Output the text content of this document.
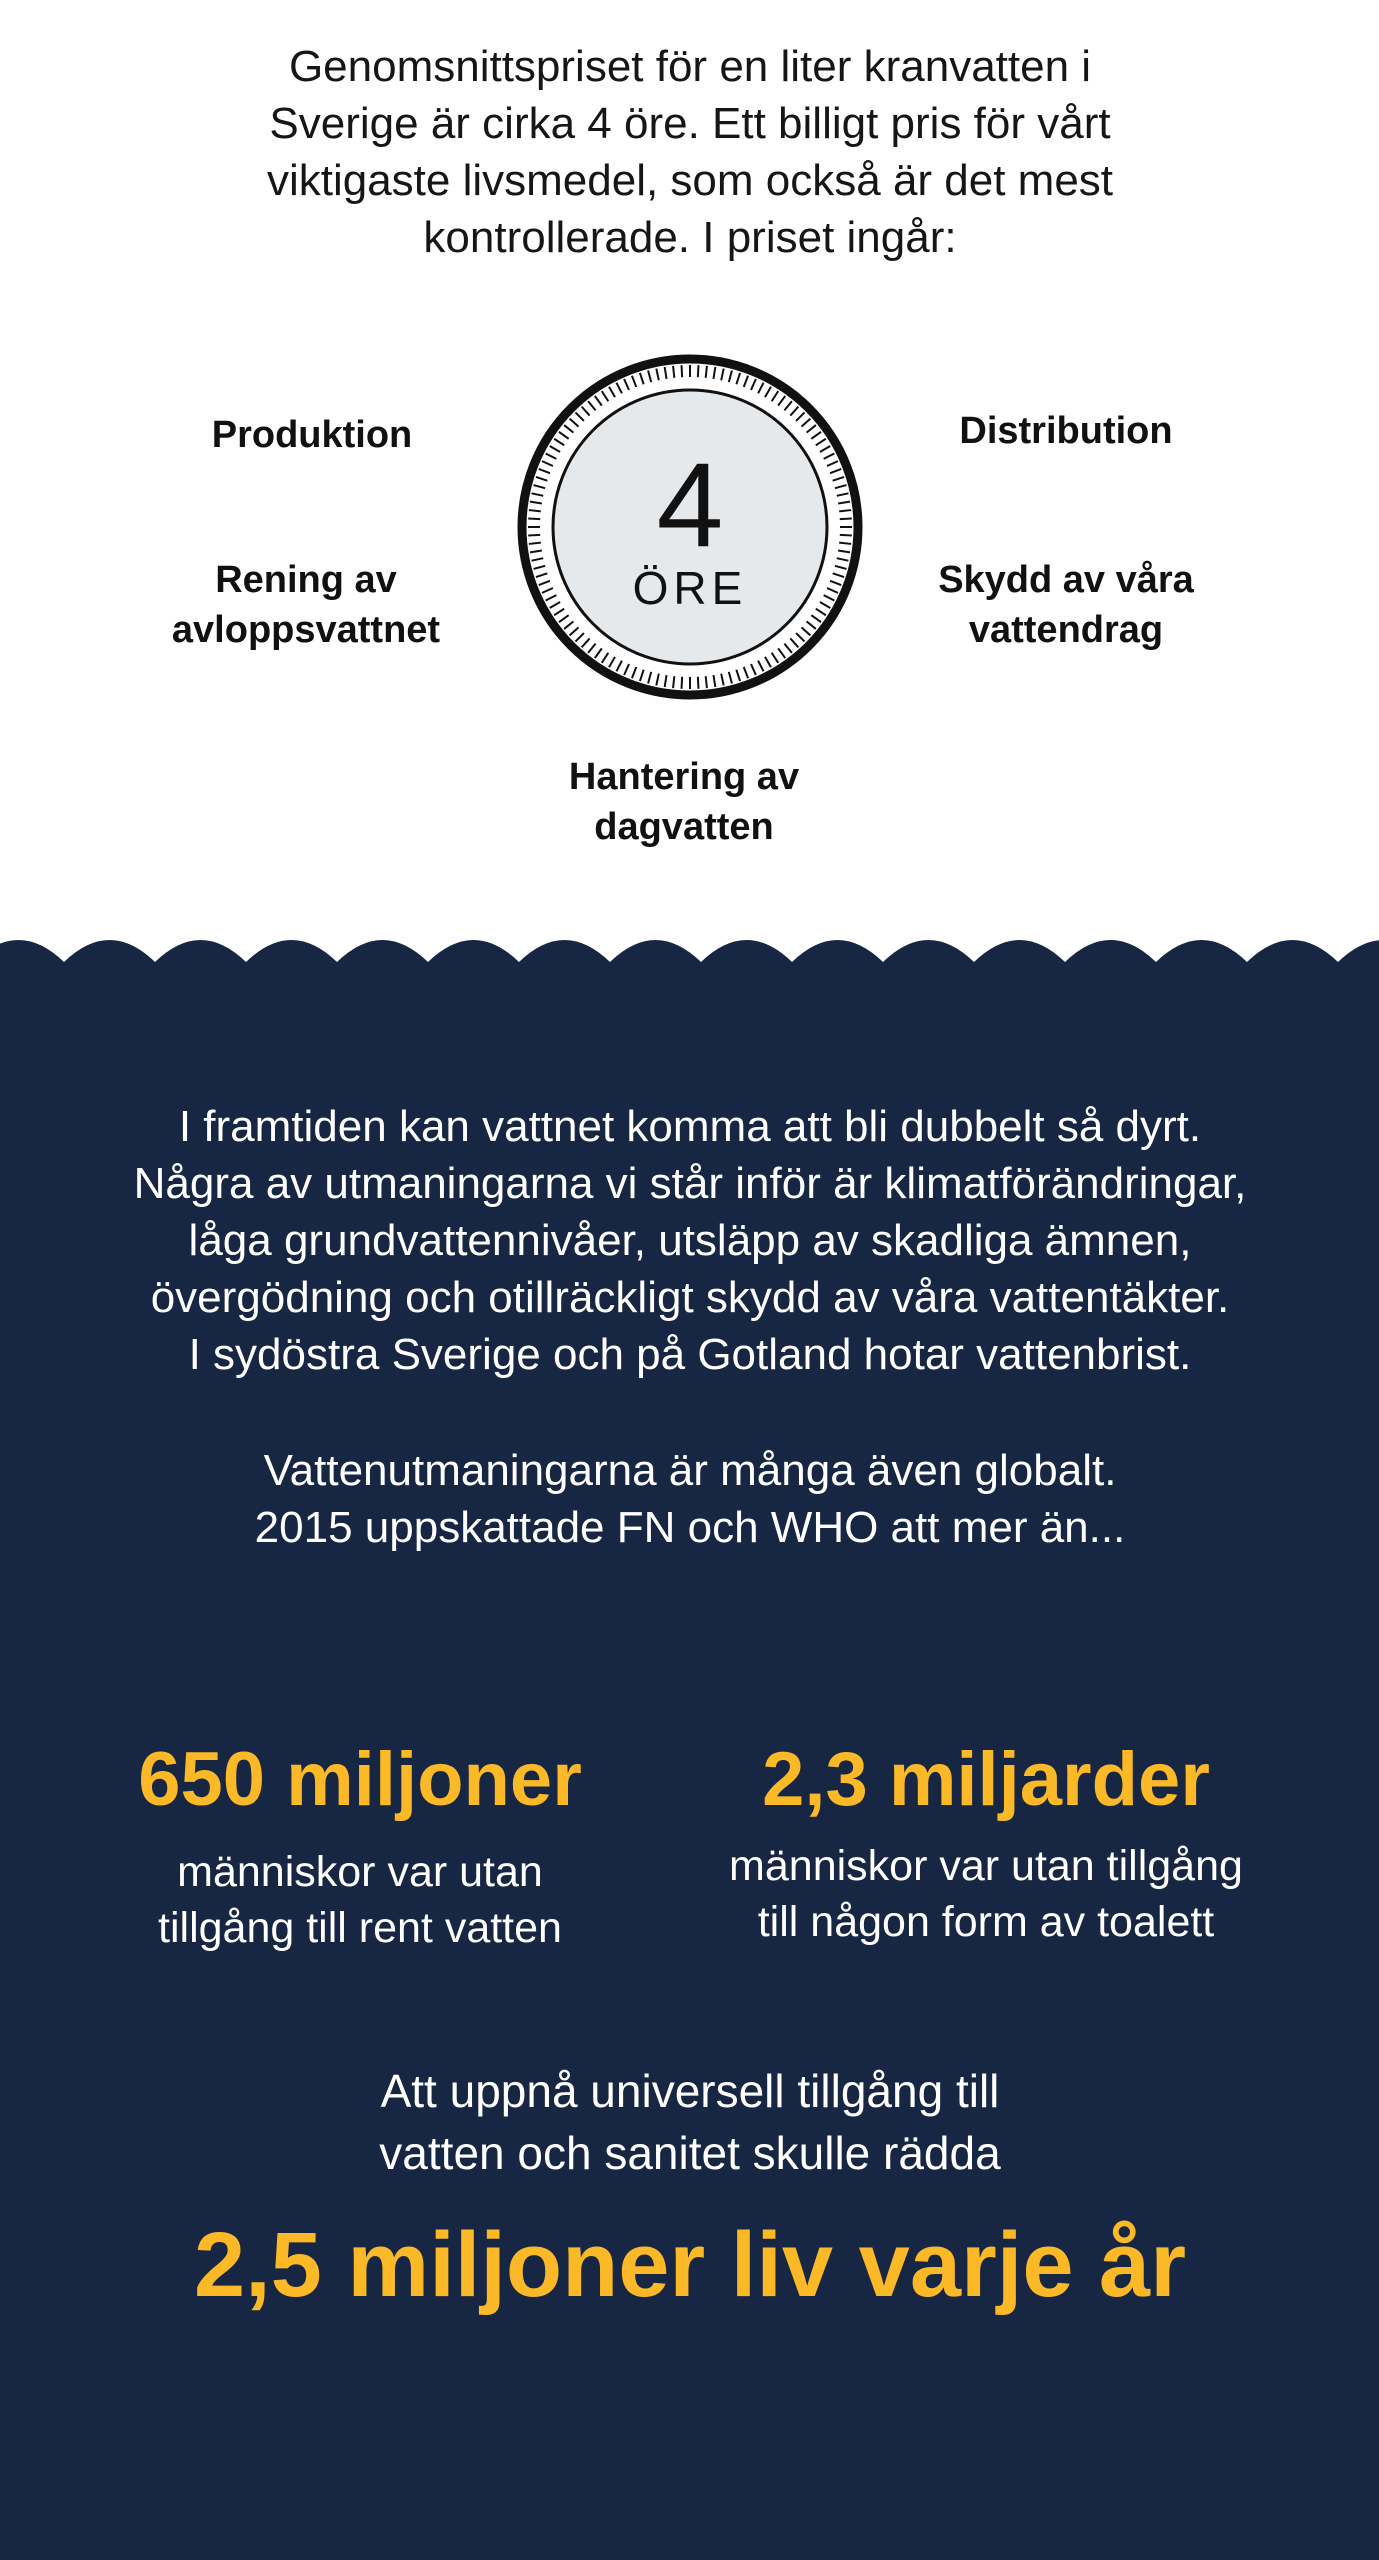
Genomsnittspriset för en liter kranvatten i
Sverige är cirka 4 öre. Ett billigt pris för vårt
viktigaste livsmedel, som också är det mest
kontrollerade. I priset ingår:
Produktion	Distribution
Rening av
avloppsvattnet
Skydd av våra
vattendrag
Hantering av
dagvatten
4
ÖRE
I framtiden kan vattnet komma att bli dubbelt så dyrt.
Några av utmaningarna vi står inför är klimatförändringar,
låga grundvattennivåer, utsläpp av skadliga ämnen,
övergödning och otillräckligt skydd av våra vattentäkter.
I sydöstra Sverige och på Gotland hotar vattenbrist.
Vattenutmaningarna är många även globalt.
2015 uppskattade FN och WHO att mer än...
650 miljoner
människor var utan
tillgång till rent vatten
2,3 miljarder
människor var utan tillgång
till någon form av toalett
Att uppnå universell tillgång till
vatten och sanitet skulle rädda
2,5 miljoner liv varje år
